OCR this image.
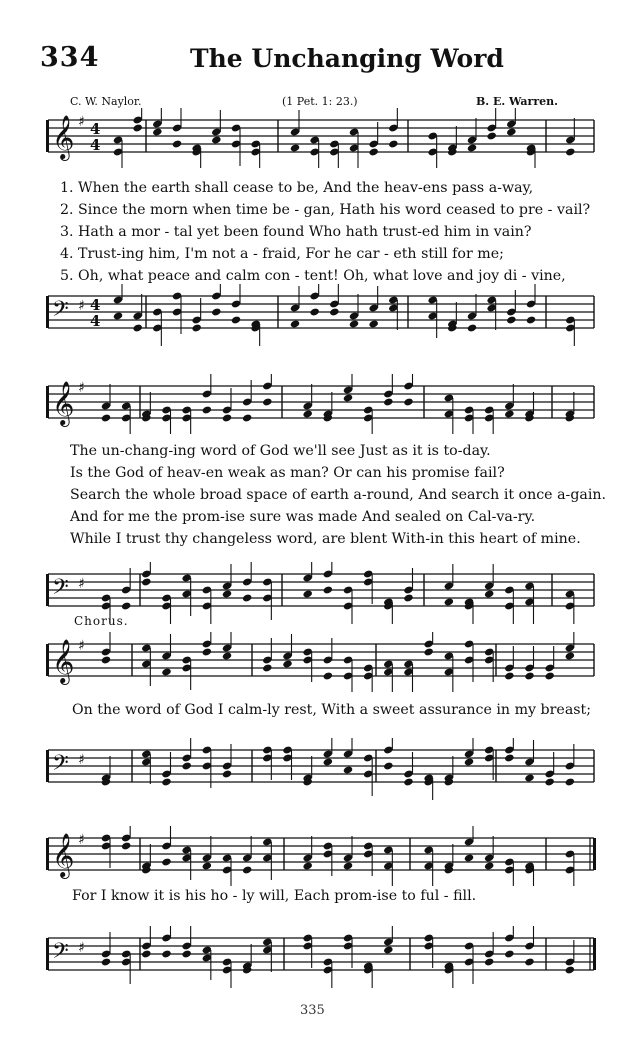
334	The Unchanging Word
C. W. Naylor.	(1 Pet. 1: 23.)	B. E. Warren.
𝄞 ♯ 4
4
𝄢 ♯ 4
4
1. When the earth shall cease to be, And the heav-ens pass a-way,
2. Since the morn when time be - gan, Hath his word ceased to pre - vail?
3. Hath a mor - tal yet been found Who hath trust-ed him in vain?
4. Trust-ing him, I'm not a - fraid, For he car - eth still for me;
5. Oh, what peace and calm con - tent! Oh, what love and joy di - vine,
𝄞 ♯
𝄢 ♯
The un-chang-ing word of God we'll see Just as it is to-day.
Is the God of heav-en weak as man? Or can his promise fail?
Search the whole broad space of earth a-round, And search it once a-gain.
And for me the prom-ise sure was made And sealed on Cal-va-ry.
While I trust thy changeless word, are blent With-in this heart of mine.
Chorus.
𝄞 ♯
On the word of God I calm-ly rest, With a sweet assurance in my breast;
𝄢 ♯
𝄞 ♯
For I know it is his ho - ly will, Each prom-ise to ful - fill.
𝄢 ♯
335
